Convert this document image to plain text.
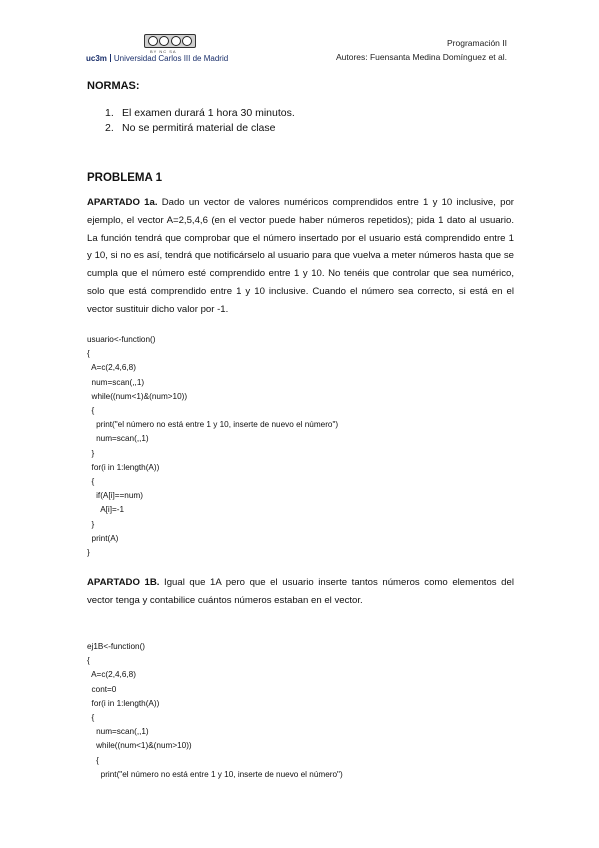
BY NC SA
uc3m Universidad Carlos III de Madrid
Programación II
Autores: Fuensanta Medina Domínguez et al.
NORMAS:
1. El examen durará 1 hora 30 minutos.
2. No se permitirá material de clase
PROBLEMA 1
APARTADO 1a. Dado un vector de valores numéricos comprendidos entre 1 y 10 inclusive, por ejemplo, el vector A=2,5,4,6 (en el vector puede haber números repetidos); pida 1 dato al usuario. La función tendrá que comprobar que el número insertado por el usuario está comprendido entre 1 y 10, si no es así, tendrá que notificárselo al usuario para que vuelva a meter números hasta que se cumpla que el número esté comprendido entre 1 y 10. No tenéis que controlar que sea numérico, solo que está comprendido entre 1 y 10 inclusive. Cuando el número sea correcto, si está en el vector sustituir dicho valor por -1.
usuario<-function()
{
A=c(2,4,6,8)
num=scan(,,1)
while((num<1)&(num>10))
{
print("el número no está entre 1 y 10, inserte de nuevo el número")
num=scan(,,1)
}
for(i in 1:length(A))
{
if(A[i]==num)
A[i]=-1
}
print(A)
}
APARTADO 1B. Igual que 1A pero que el usuario inserte tantos números como elementos del vector tenga y contabilice cuántos números estaban en el vector.
ej1B<-function()
{
A=c(2,4,6,8)
cont=0
for(i in 1:length(A))
{
num=scan(,,1)
while((num<1)&(num>10))
{
print("el número no está entre 1 y 10, inserte de nuevo el número")
